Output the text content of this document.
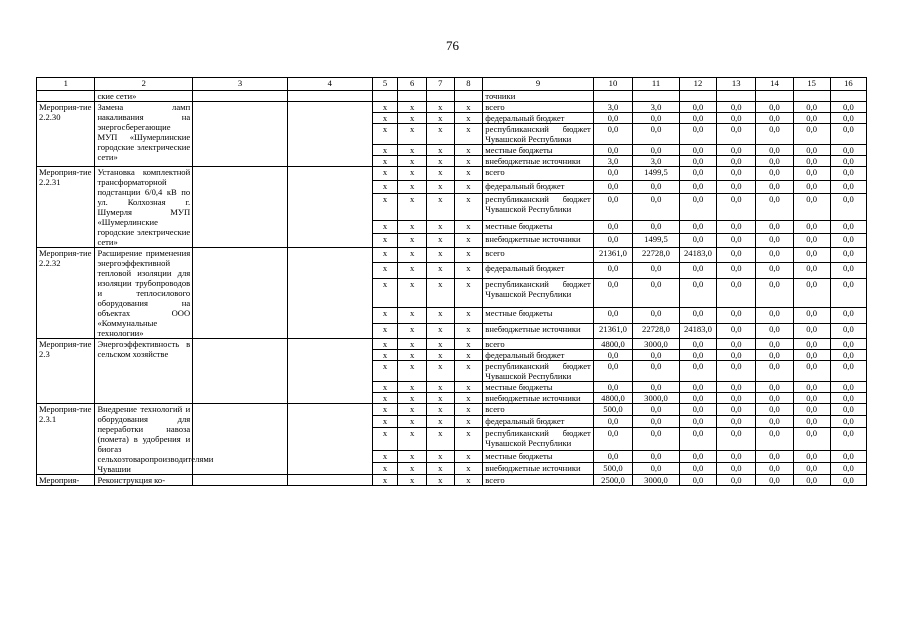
76
1	2	3	4	5	6	7	8	9	10	11	12	13	14	15	16
	ские сети»							точники							
Мероприя-тие 2.2.30	Замена ламп накаливания на энергосберегающие МУП «Шумерлинские городские электрические сети»			x	x	x	x	всего	3,0	3,0	0,0	0,0	0,0	0,0	0,0
				x	x	x	x	федеральный бюджет	0,0	0,0	0,0	0,0	0,0	0,0	0,0
				x	x	x	x	республиканский бюджет Чувашской Республики	0,0	0,0	0,0	0,0	0,0	0,0	0,0
				x	x	x	x	местные бюджеты	0,0	0,0	0,0	0,0	0,0	0,0	0,0
				x	x	x	x	внебюджетные источники	3,0	3,0	0,0	0,0	0,0	0,0	0,0
Мероприя-тие 2.2.31	Установка комплектной трансформаторной подстанции 6/0,4 кВ по ул. Колхозная г. Шумерля МУП «Шумерлинские городские электрические сети»			x	x	x	x	всего	0,0	1499,5	0,0	0,0	0,0	0,0	0,0
				x	x	x	x	федеральный бюджет	0,0	0,0	0,0	0,0	0,0	0,0	0,0
				x	x	x	x	республиканский бюджет Чувашской Республики	0,0	0,0	0,0	0,0	0,0	0,0	0,0
				x	x	x	x	местные бюджеты	0,0	0,0	0,0	0,0	0,0	0,0	0,0
				x	x	x	x	внебюджетные источники	0,0	1499,5	0,0	0,0	0,0	0,0	0,0
Мероприя-тие 2.2.32	Расширение применения энергоэффективной тепловой изоляции для изоляции трубопроводов и теплосилового оборудования на объектах ООО «Коммунальные технологии»			x	x	x	x	всего	21361,0	22728,0	24183,0	0,0	0,0	0,0	0,0
				x	x	x	x	федеральный бюджет	0,0	0,0	0,0	0,0	0,0	0,0	0,0
				x	x	x	x	республиканский бюджет Чувашской Республики	0,0	0,0	0,0	0,0	0,0	0,0	0,0
				x	x	x	x	местные бюджеты	0,0	0,0	0,0	0,0	0,0	0,0	0,0
				x	x	x	x	внебюджетные источники	21361,0	22728,0	24183,0	0,0	0,0	0,0	0,0
Мероприя-тие 2.3	Энергоэффективность в сельском хозяйстве			x	x	x	x	всего	4800,0	3000,0	0,0	0,0	0,0	0,0	0,0
				x	x	x	x	федеральный бюджет	0,0	0,0	0,0	0,0	0,0	0,0	0,0
				x	x	x	x	республиканский бюджет Чувашской Республики	0,0	0,0	0,0	0,0	0,0	0,0	0,0
				x	x	x	x	местные бюджеты	0,0	0,0	0,0	0,0	0,0	0,0	0,0
				x	x	x	x	внебюджетные источники	4800,0	3000,0	0,0	0,0	0,0	0,0	0,0
Мероприя-тие 2.3.1	Внедрение технологий и оборудования для переработки навоза (помета) в удобрения и биогаз сельхозтоваропроизводителями Чувашии			x	x	x	x	всего	500,0	0,0	0,0	0,0	0,0	0,0	0,0
				x	x	x	x	федеральный бюджет	0,0	0,0	0,0	0,0	0,0	0,0	0,0
				x	x	x	x	республиканский бюджет Чувашской Республики	0,0	0,0	0,0	0,0	0,0	0,0	0,0
				x	x	x	x	местные бюджеты	0,0	0,0	0,0	0,0	0,0	0,0	0,0
				x	x	x	x	внебюджетные источники	500,0	0,0	0,0	0,0	0,0	0,0	0,0
Мероприя-	Реконструкция ко-			x	x	x	x	всего	2500,0	3000,0	0,0	0,0	0,0	0,0	0,0
